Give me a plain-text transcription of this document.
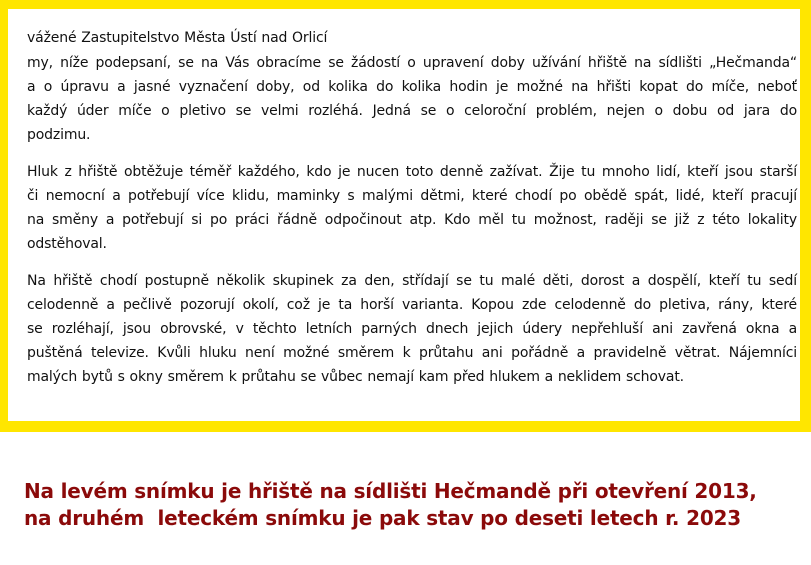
vážené Zastupitelstvo Města Ústí nad Orlicí
my, níže podepsaní, se na Vás obracíme se žádostí o upravení doby užívání hřiště na sídlišti „Hečmanda“
a o úpravu a jasné vyznačení doby, od kolika do kolika hodin je možné na hřišti kopat do míče, neboť
každý úder míče o pletivo se velmi rozléhá. Jedná se o celoroční problém, nejen o dobu od jara do
podzimu.
Hluk z hřiště obtěžuje téměř každého, kdo je nucen toto denně zažívat. Žije tu mnoho lidí, kteří jsou starší
či nemocní a potřebují více klidu, maminky s malými dětmi, které chodí po obědě spát, lidé, kteří pracují
na směny a potřebují si po práci řádně odpočinout atp. Kdo měl tu možnost, raději se již z této lokality
odstěhoval.
Na hřiště chodí postupně několik skupinek za den, střídají se tu malé děti, dorost a dospělí, kteří tu sedí
celodenně a pečlivě pozorují okolí, což je ta horší varianta. Kopou zde celodenně do pletiva, rány, které
se rozléhají, jsou obrovské, v těchto letních parných dnech jejich údery nepřehluší ani zavřená okna a
puštěná televize. Kvůli hluku není možné směrem k průtahu ani pořádně a pravidelně větrat. Nájemníci
malých bytů s okny směrem k průtahu se vůbec nemají kam před hlukem a neklidem schovat.
Na levém snímku je hřiště na sídlišti Hečmandě při otevření 2013,
na druhém  leteckém snímku je pak stav po deseti letech r. 2023
